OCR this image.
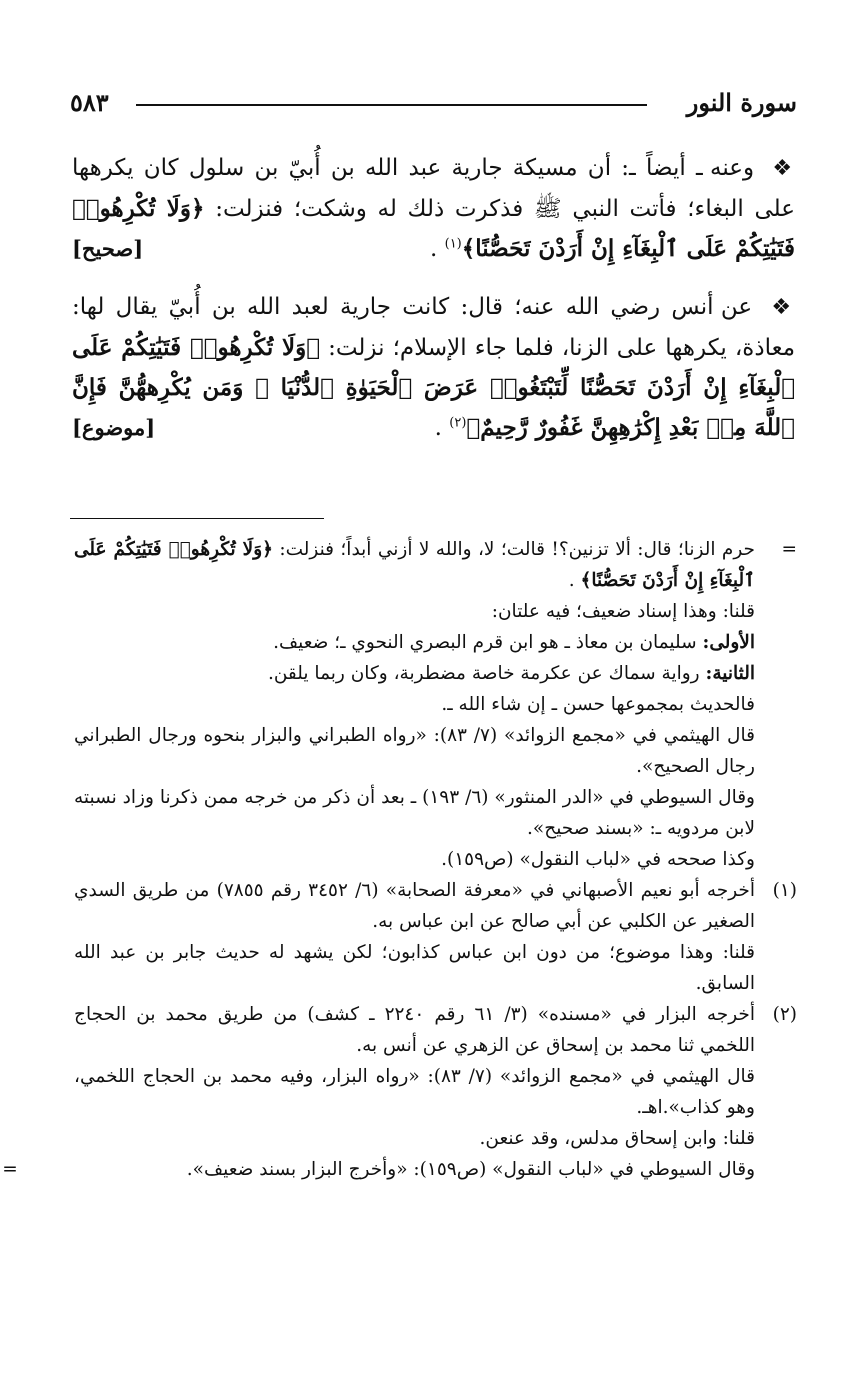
سورة النور
٥٨٣

❖ وعنه ـ أيضاً ـ: أن مسيكة جارية عبد الله بن أُبيّ بن سلول كان يكرهها على البغاء؛ فأتت النبي ﷺ فذكرت ذلك له وشكت؛ فنزلت: ﴿وَلَا تُكْرِهُوا۟ فَتَيَٰتِكُمْ عَلَى ٱلْبِغَآءِ إِنْ أَرَدْنَ تَحَصُّنًا﴾$^{(١)}$ .
[صحيح]

❖ عن أنس رضي الله عنه؛ قال: كانت جارية لعبد الله بن أُبيّ يقال لها: معاذة، يكرهها على الزنا، فلما جاء الإسلام؛ نزلت: ﴿وَلَا تُكْرِهُوا۟ فَتَيَٰتِكُمْ عَلَى ٱلْبِغَآءِ إِنْ أَرَدْنَ تَحَصُّنًا لِّتَبْتَغُوا۟ عَرَضَ ٱلْحَيَوٰةِ ٱلدُّنْيَا ۚ وَمَن يُكْرِههُّنَّ فَإِنَّ ٱللَّهَ مِنۢ بَعْدِ إِكْرَٰهِهِنَّ غَفُورٌ رَّحِيمٌ﴾$^{(٢)}$ .
[موضوع]

=

حرم الزنا؛ قال: ألا تزنين؟! قالت؛ لا، والله لا أزني أبداً؛ فنزلت: ﴿وَلَا تُكْرِهُوا۟ فَتَيَٰتِكُمْ عَلَى ٱلْبِغَآءِ إِنْ أَرَدْنَ تَحَصُّنًا﴾ .

قلنا: وهذا إسناد ضعيف؛ فيه علتان:

الأولى: سليمان بن معاذ ـ هو ابن قرم البصري النحوي ـ؛ ضعيف.

الثانية: رواية سماك عن عكرمة خاصة مضطربة، وكان ربما يلقن.

فالحديث بمجموعها حسن ـ إن شاء الله ـ.

قال الهيثمي في «مجمع الزوائد» (٧/ ٨٣): «رواه الطبراني والبزار بنحوه ورجال الطبراني رجال الصحيح».

وقال السيوطي في «الدر المنثور» (٦/ ١٩٣) ـ بعد أن ذكر من خرجه ممن ذكرنا وزاد نسبته لابن مردويه ـ: «بسند صحيح».

وكذا صححه في «لباب النقول» (ص١٥٩).

(١)

أخرجه أبو نعيم الأصبهاني في «معرفة الصحابة» (٦/ ٣٤٥٢ رقم ٧٨٥٥) من طريق السدي الصغير عن الكلبي عن أبي صالح عن ابن عباس به.

قلنا: وهذا موضوع؛ من دون ابن عباس كذابون؛ لكن يشهد له حديث جابر بن عبد الله السابق.

(٢)

أخرجه البزار في «مسنده» (٣/ ٦١ رقم ٢٢٤٠ ـ كشف) من طريق محمد بن الحجاج اللخمي ثنا محمد بن إسحاق عن الزهري عن أنس به.

قال الهيثمي في «مجمع الزوائد» (٧/ ٨٣): «رواه البزار، وفيه محمد بن الحجاج اللخمي، وهو كذاب».اهـ.

قلنا: وابن إسحاق مدلس، وقد عنعن.

وقال السيوطي في «لباب النقول» (ص١٥٩): «وأخرج البزار بسند ضعيف».

=
